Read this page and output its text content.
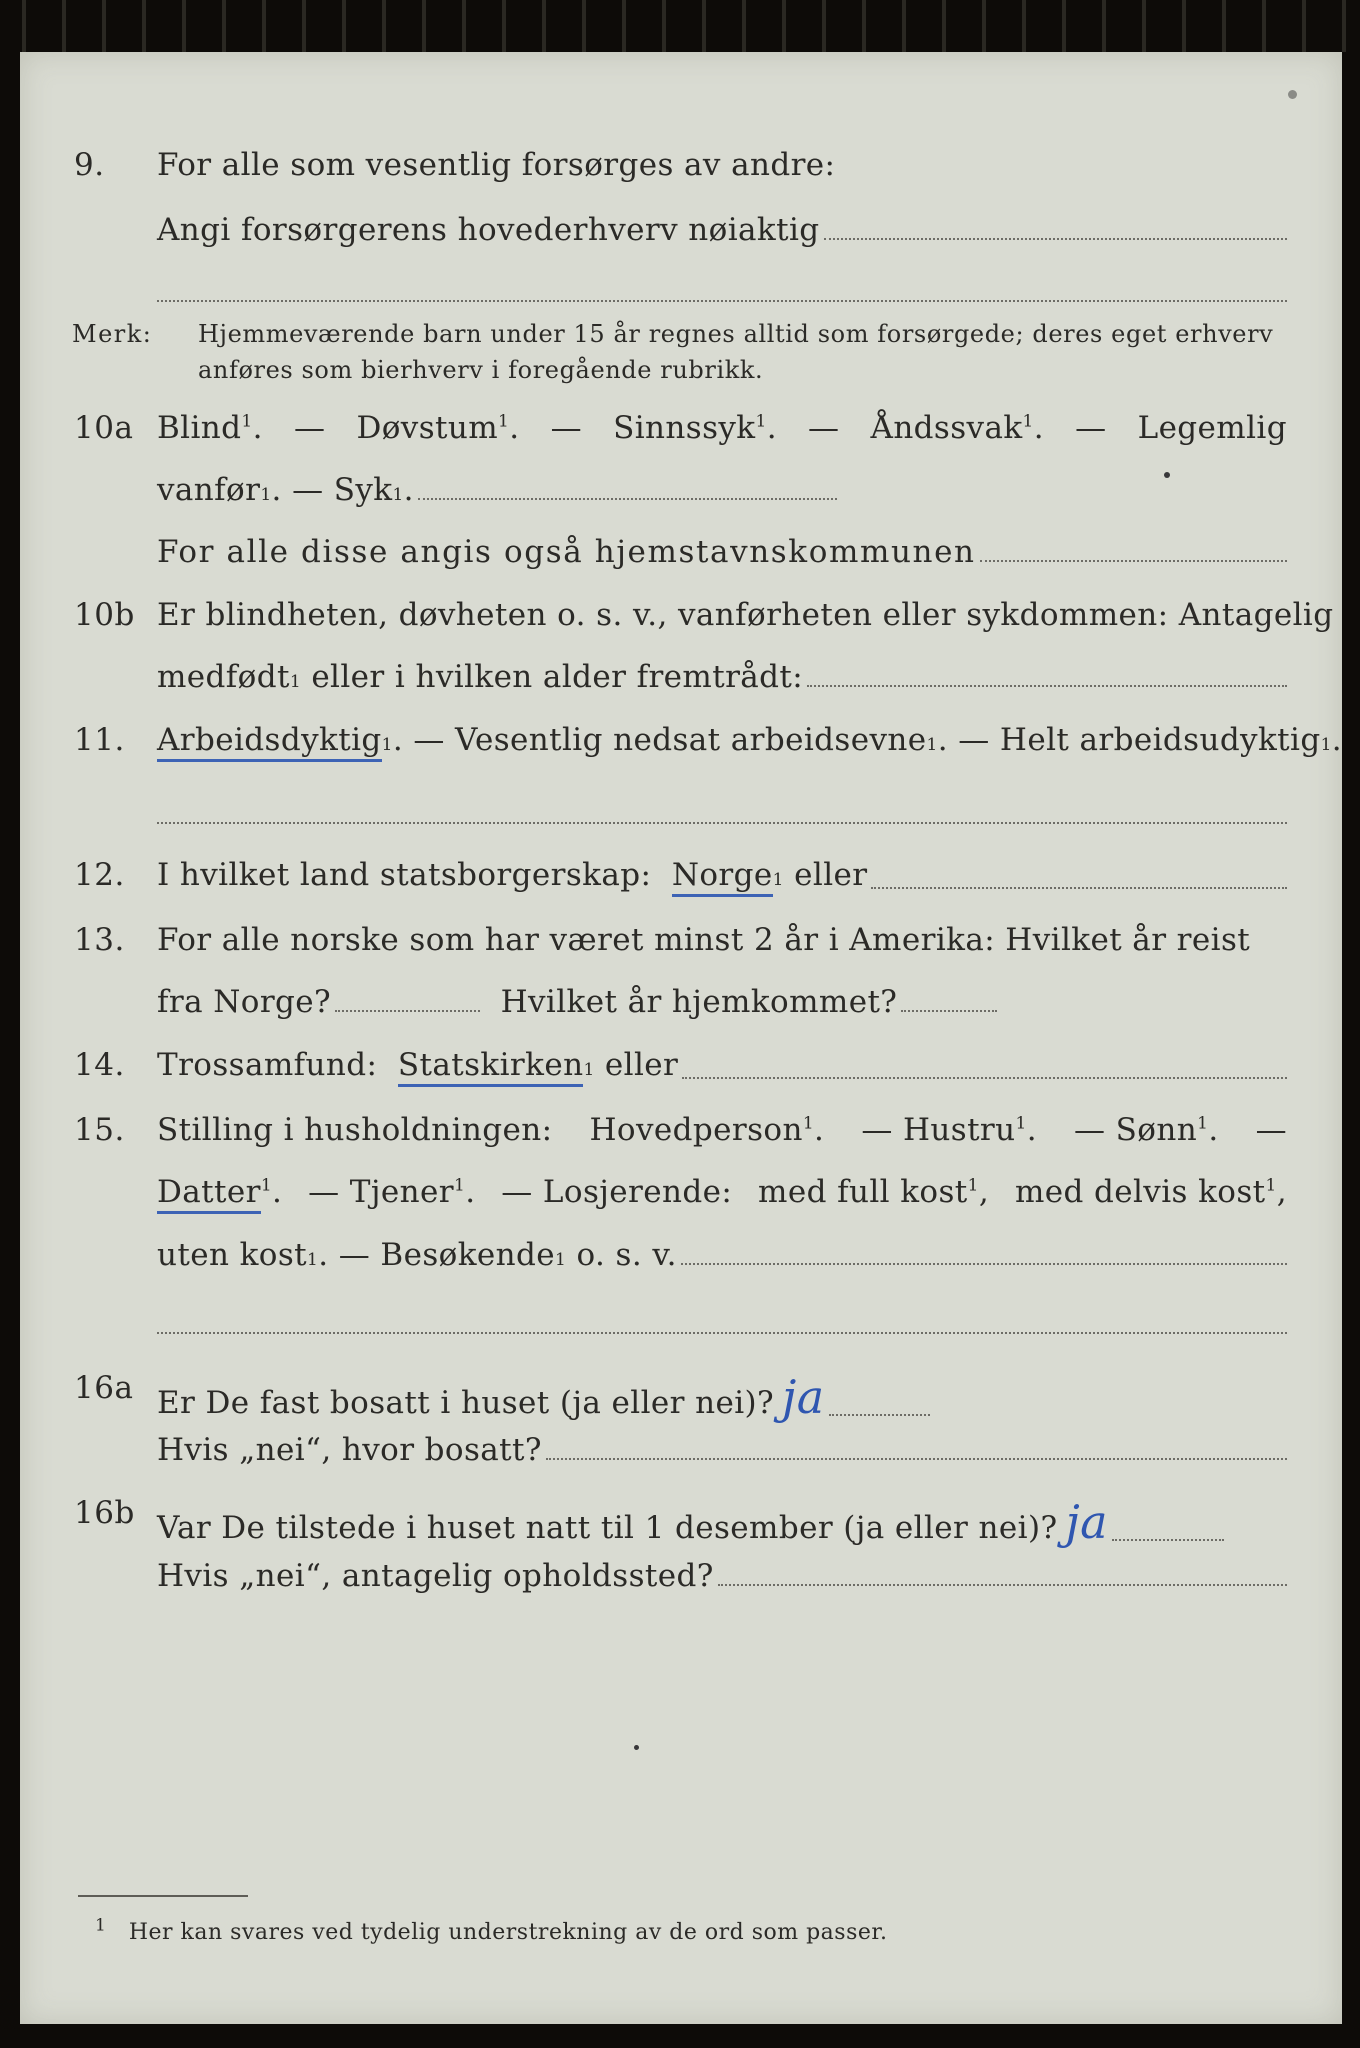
9. For alle som vesentlig forsørges av andre:
Angi forsørgerens hovederhverv nøiaktig
Merk: Hjemmeværende barn under 15 år regnes alltid som forsørgede; deres eget erhverv anføres som bierhverv i foregående rubrikk.
10a Blind$^1$. — Døvstum$^1$. — Sinnssyk$^1$. — Åndssvak$^1$. — Legemlig
vanfør 1 . — Syk 1 .
For alle disse angis også hjemstavnskommunen
10b Er blindheten, døvheten o. s. v., vanførheten eller sykdommen: Antagelig
medfødt 1
eller i hvilken alder fremtrådt:
11. Arbeidsdyktig 1 . — Vesentlig nedsat arbeidsevne 1 . — Helt arbeidsudyktig 1 .
12. I hvilket land statsborgerskap:
Norge 1
eller
13. For alle norske som har været minst 2 år i Amerika: Hvilket år reist
fra Norge?
	Hvilket år hjemkommet?
14. Trossamfund:
Statskirken 1
eller
15. Stilling i husholdningen: Hovedperson$^1$. — Hustru$^1$. — Sønn$^1$. —
Datter$^1$. — Tjener$^1$. — Losjerende: med full kost$^1$, med delvis kost$^1$,
uten kost 1 . — Besøkende 1
o. s. v.
16a Er De fast bosatt i huset (ja eller nei)? ja
Hvis „nei“, hvor bosatt?
16b Var De tilstede i huset natt til 1 desember (ja eller nei)? ja
Hvis „nei“, antagelig opholdssted?
$^1$ Her kan svares ved tydelig understrekning av de ord som passer.
